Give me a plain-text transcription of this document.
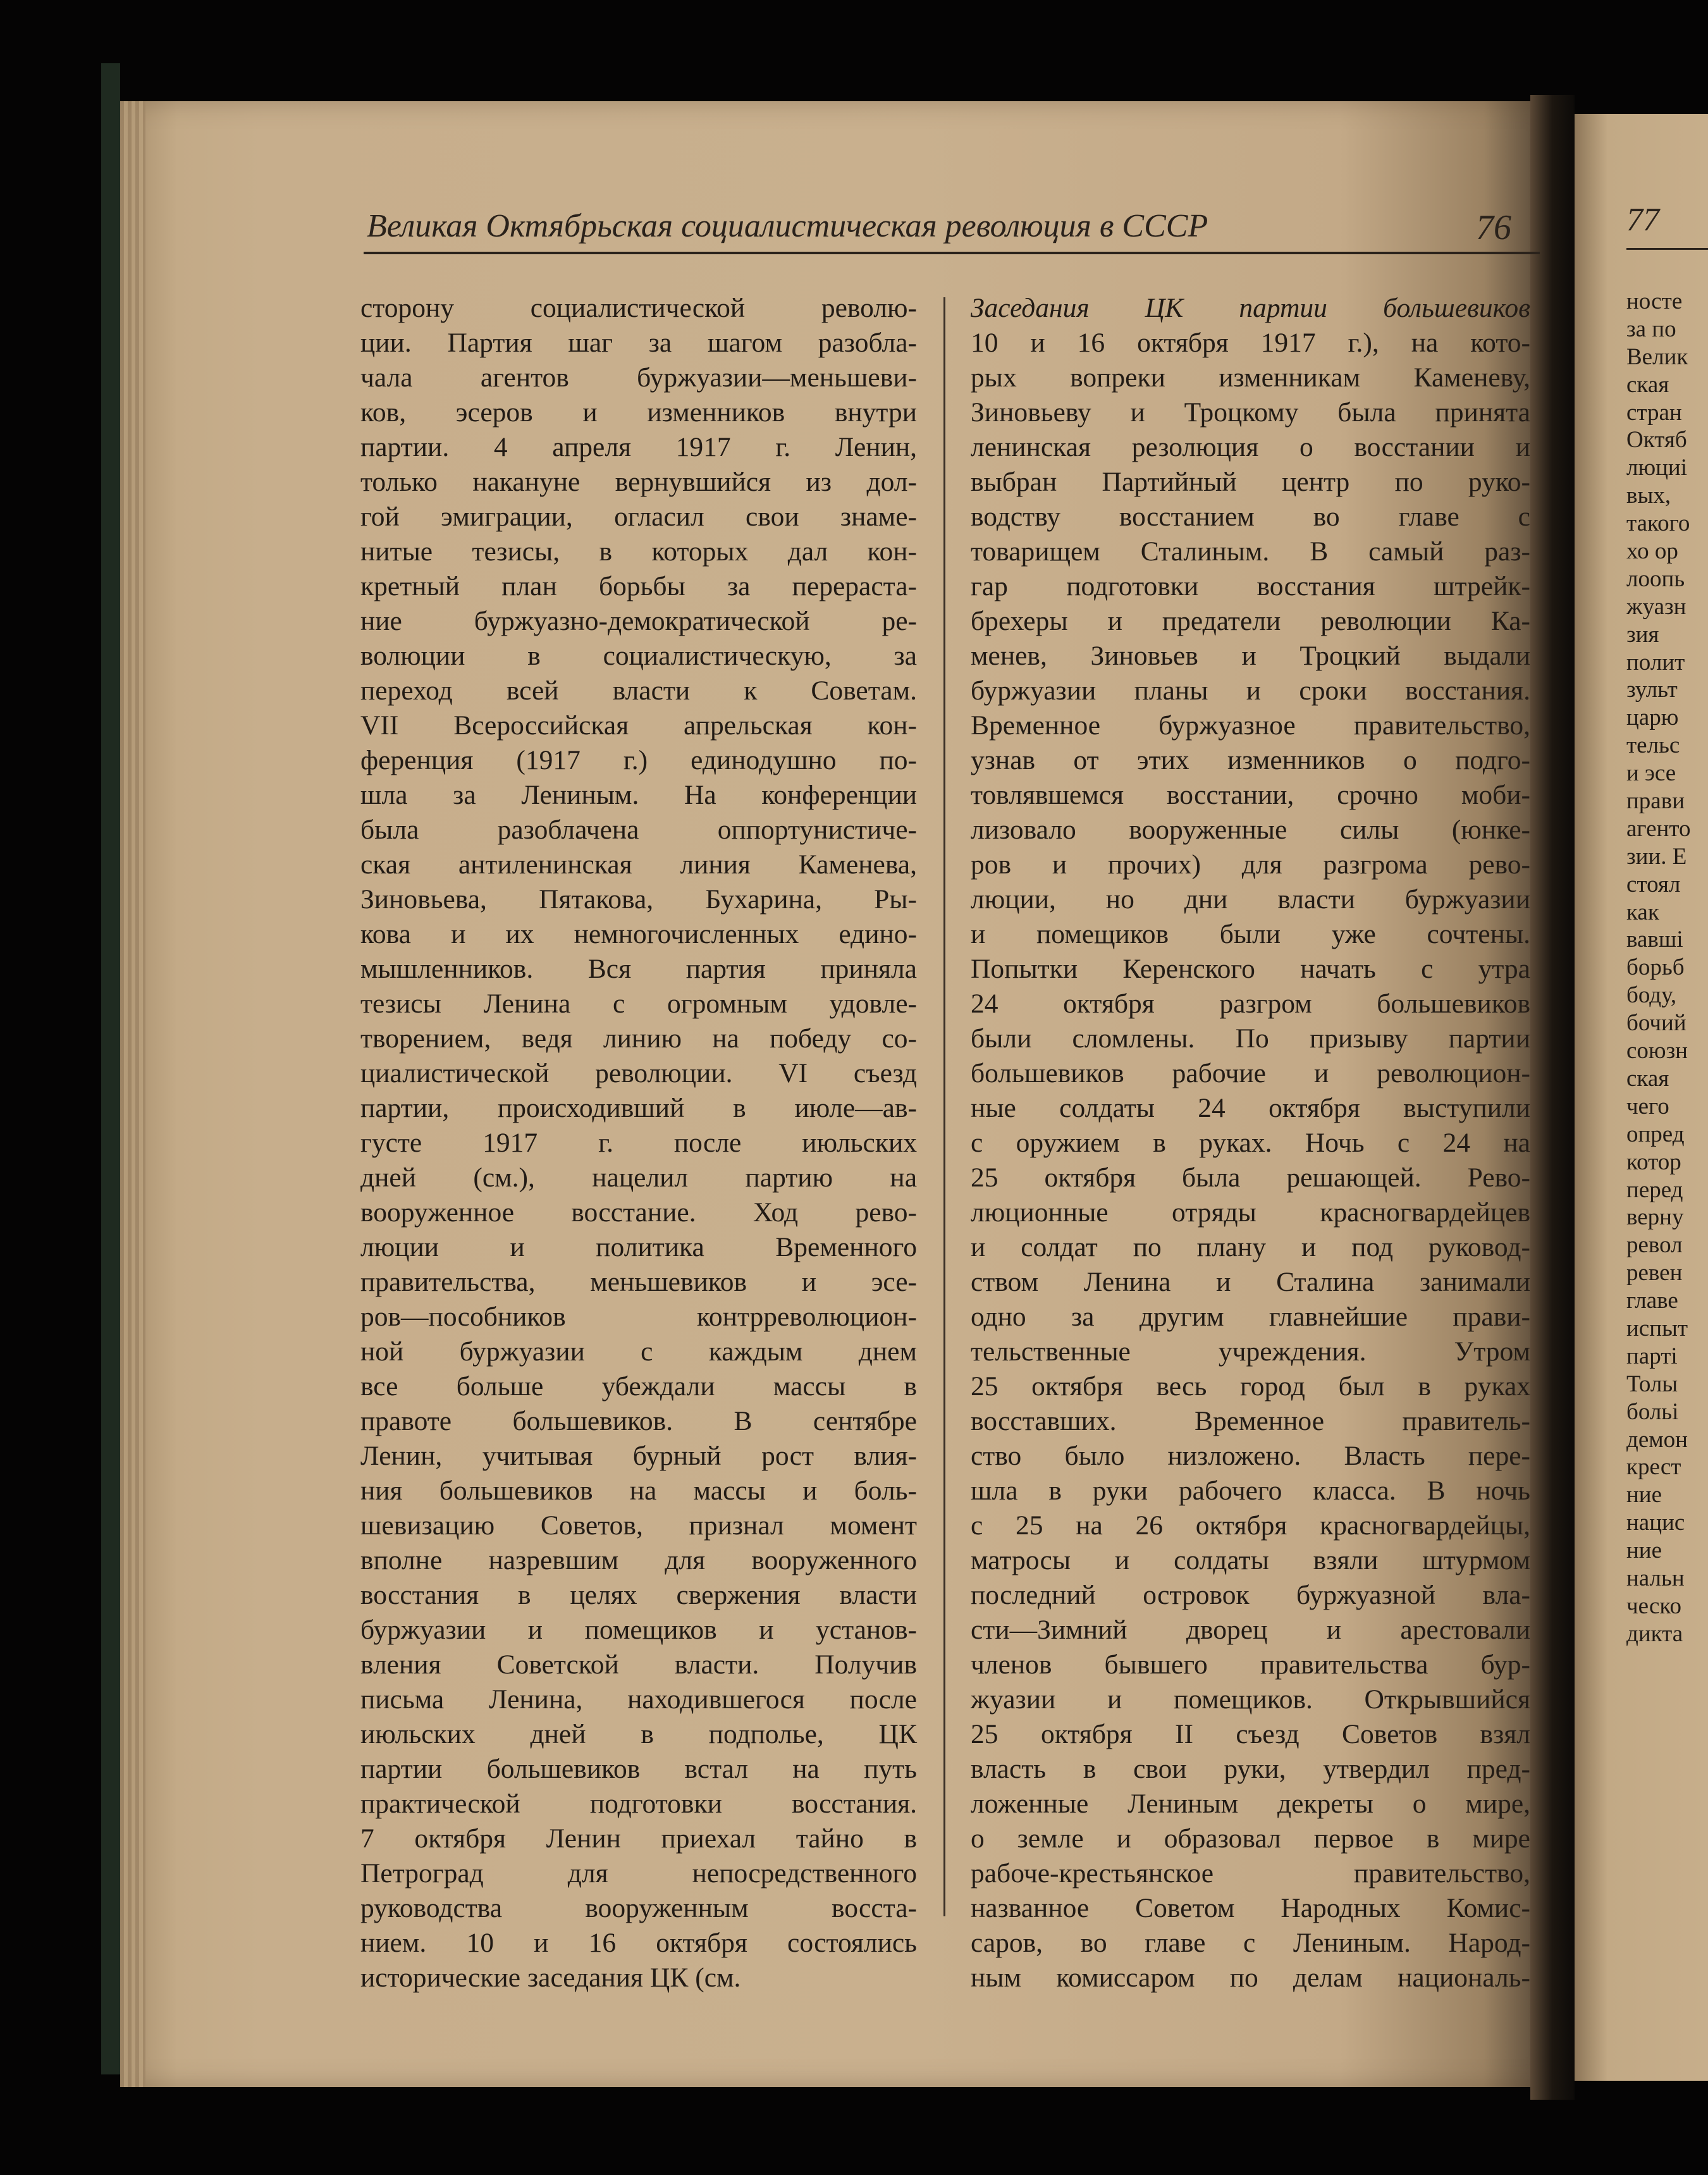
Великая Октябрьская социалистическая революция в СССР	76
сторону социалистической револю-
ции. Партия шаг за шагом разобла-
чала агентов буржуазии—меньшеви-
ков, эсеров и изменников внутри
партии. 4 апреля 1917 г. Ленин,
только накануне вернувшийся из дол-
гой эмиграции, огласил свои знаме-
нитые тезисы, в которых дал кон-
кретный план борьбы за перераста-
ние буржуазно-демократической ре-
волюции в социалистическую, за
переход всей власти к Советам.
VII Всероссийская апрельская кон-
ференция (1917 г.) единодушно по-
шла за Лениным. На конференции
была разоблачена оппортунистиче-
ская антиленинская линия Каменева,
Зиновьева, Пятакова, Бухарина, Ры-
кова и их немногочисленных едино-
мышленников. Вся партия приняла
тезисы Ленина с огромным удовле-
творением, ведя линию на победу со-
циалистической революции. VI съезд
партии, происходивший в июле—ав-
густе 1917 г. после июльских
дней (см.), нацелил партию на
вооруженное восстание. Ход рево-
люции и политика Временного
правительства, меньшевиков и эсе-
ров—пособников контрреволюцион-
ной буржуазии с каждым днем
все больше убеждали массы в
правоте большевиков. В сентябре
Ленин, учитывая бурный рост влия-
ния большевиков на массы и боль-
шевизацию Советов, признал момент
вполне назревшим для вооруженного
восстания в целях свержения власти
буржуазии и помещиков и установ-
вления Советской власти. Получив
письма Ленина, находившегося после
июльских дней в подполье, ЦК
партии большевиков встал на путь
практической подготовки восстания.
7 октября Ленин приехал тайно в
Петроград для непосредственного
руководства вооруженным восста-
нием. 10 и 16 октября состоялись
исторические заседания ЦК (см.
Заседания ЦК партии большевиков
10 и 16 октября 1917 г.), на кото-
рых вопреки изменникам Каменеву,
Зиновьеву и Троцкому была принята
ленинская резолюция о восстании и
выбран Партийный центр по руко-
водству восстанием во главе с
товарищем Сталиным. В самый раз-
гар подготовки восстания штрейк-
брехеры и предатели революции Ка-
менев, Зиновьев и Троцкий выдали
буржуазии планы и сроки восстания.
Временное буржуазное правительство,
узнав от этих изменников о подго-
товлявшемся восстании, срочно моби-
лизовало вооруженные силы (юнке-
ров и прочих) для разгрома рево-
люции, но дни власти буржуазии
и помещиков были уже сочтены.
Попытки Керенского начать с утра
24 октября разгром большевиков
были сломлены. По призыву партии
большевиков рабочие и революцион-
ные солдаты 24 октября выступили
с оружием в руках. Ночь с 24 на
25 октября была решающей. Рево-
люционные отряды красногвардейцев
и солдат по плану и под руковод-
ством Ленина и Сталина занимали
одно за другим главнейшие прави-
тельственные учреждения. Утром
25 октября весь город был в руках
восставших. Временное правитель-
ство было низложено. Власть пере-
шла в руки рабочего класса. В ночь
с 25 на 26 октября красногвардейцы,
матросы и солдаты взяли штурмом
последний островок буржуазной вла-
сти—Зимний дворец и арестовали
членов бывшего правительства бур-
жуазии и помещиков. Открывшийся
25 октября II съезд Советов взял
власть в свои руки, утвердил пред-
ложенные Лениным декреты о мире,
о земле и образовал первое в мире
рабоче-крестьянское правительство,
названное Советом Народных Комис-
саров, во главе с Лениным. Народ-
ным комиссаром по делам националь-
77
носте
за по
Велик
ская
стран
Октяб
люциі
вых,
такого
хо ор
лоопь
жуазн
зия
полит
зульт
царю
тельс
и эсе
прави
агенто
зии. Е
стоял
как
вавші
борьб
боду,
бочий
союзн
ская
чего
опред
котор
перед
верну
револ
ревен
главе
испыт
парті
Толы
больі
демон
крест
ние
нацис
ние
нальн
ческо
дикта
